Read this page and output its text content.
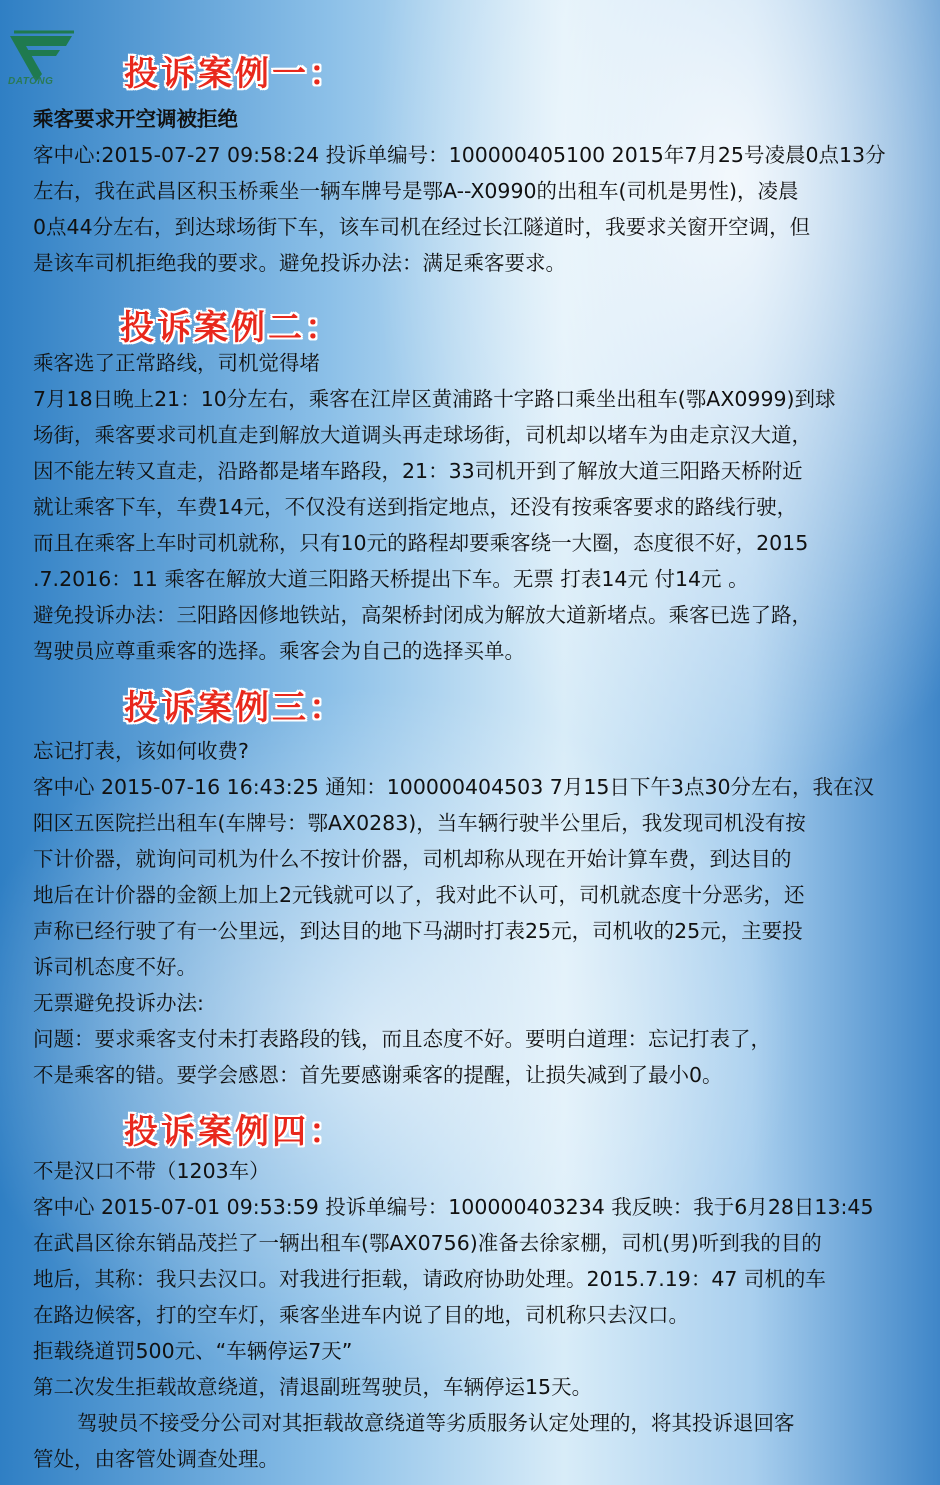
DATONG 投诉案例一：
乘客要求开空调被拒绝
客中心:2015-07-27 09:58:24 投诉单编号：100000405100 2015年7月25号凌晨0点13分
左右，我在武昌区积玉桥乘坐一辆车牌号是鄂A--X0990的出租车(司机是男性)，凌晨
0点44分左右，到达球场街下车，该车司机在经过长江隧道时，我要求关窗开空调，但
是该车司机拒绝我的要求。避免投诉办法：满足乘客要求。
投诉案例二：
乘客选了正常路线，司机觉得堵
7月18日晚上21：10分左右，乘客在江岸区黄浦路十字路口乘坐出租车(鄂AX0999)到球
场街，乘客要求司机直走到解放大道调头再走球场街，司机却以堵车为由走京汉大道，
因不能左转又直走，沿路都是堵车路段，21：33司机开到了解放大道三阳路天桥附近
就让乘客下车，车费14元，不仅没有送到指定地点，还没有按乘客要求的路线行驶，
而且在乘客上车时司机就称，只有10元的路程却要乘客绕一大圈，态度很不好，2015
.7.2016：11 乘客在解放大道三阳路天桥提出下车。无票 打表14元 付14元 。
避免投诉办法：三阳路因修地铁站，高架桥封闭成为解放大道新堵点。乘客已选了路，
驾驶员应尊重乘客的选择。乘客会为自己的选择买单。
投诉案例三：
忘记打表，该如何收费?
客中心 2015-07-16 16:43:25 通知：100000404503 7月15日下午3点30分左右，我在汉
阳区五医院拦出租车(车牌号：鄂AX0283)，当车辆行驶半公里后，我发现司机没有按
下计价器，就询问司机为什么不按计价器，司机却称从现在开始计算车费，到达目的
地后在计价器的金额上加上2元钱就可以了，我对此不认可，司机就态度十分恶劣，还
声称已经行驶了有一公里远，到达目的地下马湖时打表25元，司机收的25元，主要投
诉司机态度不好。
无票避免投诉办法:
问题：要求乘客支付未打表路段的钱，而且态度不好。要明白道理：忘记打表了，
不是乘客的错。要学会感恩：首先要感谢乘客的提醒，让损失减到了最小0。
投诉案例四：
不是汉口不带（1203车）
客中心 2015-07-01 09:53:59 投诉单编号：100000403234 我反映：我于6月28日13:45
在武昌区徐东销品茂拦了一辆出租车(鄂AX0756)准备去徐家棚，司机(男)听到我的目的
地后，其称：我只去汉口。对我进行拒载，请政府协助处理。2015.7.19：47 司机的车
在路边候客，打的空车灯，乘客坐进车内说了目的地，司机称只去汉口。
拒载绕道罚500元、“车辆停运7天”
第二次发生拒载故意绕道，清退副班驾驶员，车辆停运15天。
驾驶员不接受分公司对其拒载故意绕道等劣质服务认定处理的，将其投诉退回客
管处，由客管处调查处理。
